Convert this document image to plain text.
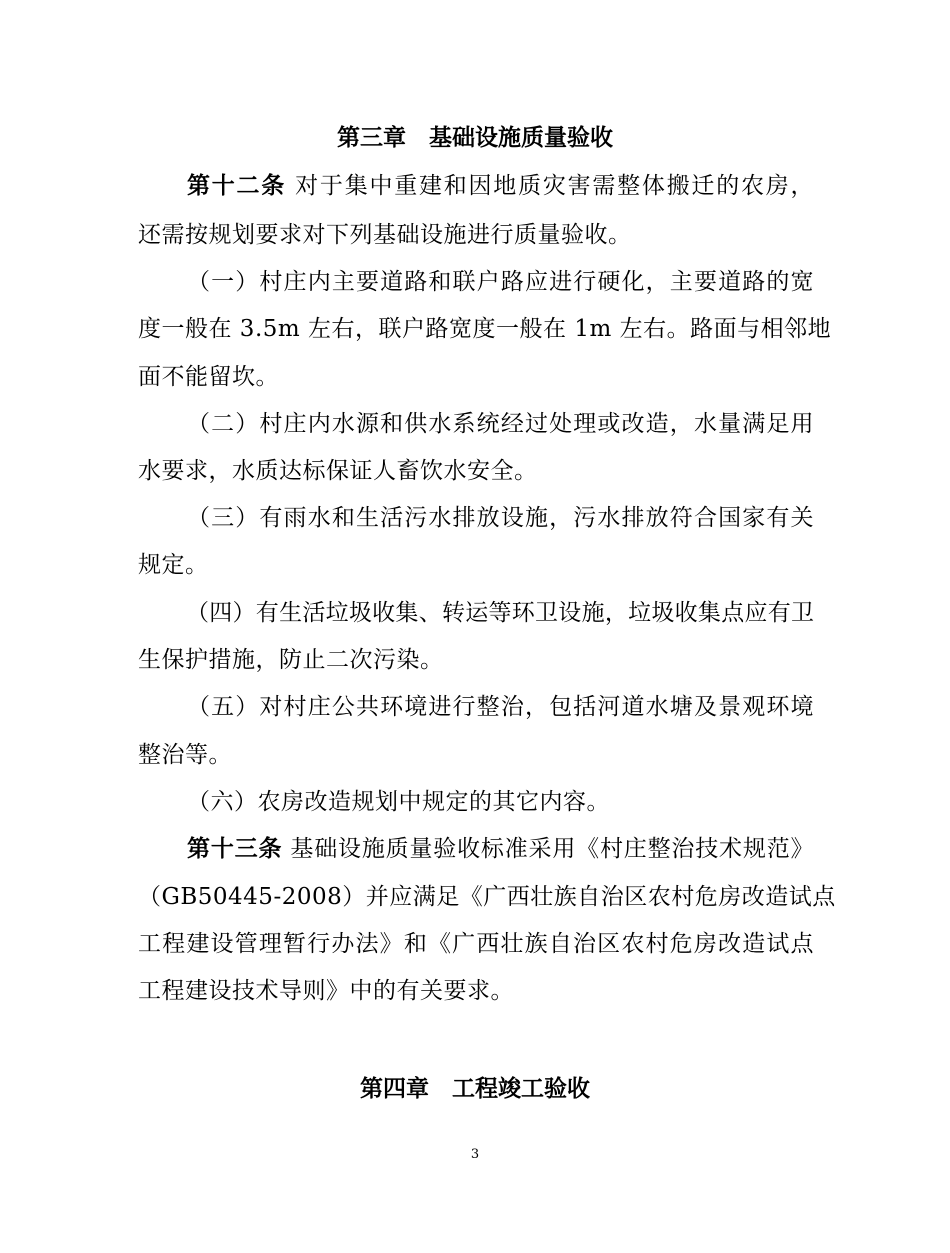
第三章　基础设施质量验收
第十二条 对于集中重建和因地质灾害需整体搬迁的农房，
还需按规划要求对下列基础设施进行质量验收。
（一）村庄内主要道路和联户路应进行硬化，主要道路的宽
度一般在 3.5m 左右，联户路宽度一般在 1m 左右。路面与相邻地
面不能留坎。
（二）村庄内水源和供水系统经过处理或改造，水量满足用
水要求，水质达标保证人畜饮水安全。
（三）有雨水和生活污水排放设施，污水排放符合国家有关
规定。
（四）有生活垃圾收集、转运等环卫设施，垃圾收集点应有卫
生保护措施，防止二次污染。
（五）对村庄公共环境进行整治，包括河道水塘及景观环境
整治等。
（六）农房改造规划中规定的其它内容。
第十三条 基础设施质量验收标准采用《村庄整治技术规范》
（GB50445-2008）并应满足《广西壮族自治区农村危房改造试点
工程建设管理暂行办法》和《广西壮族自治区农村危房改造试点
工程建设技术导则》中的有关要求。
第四章　工程竣工验收
3
